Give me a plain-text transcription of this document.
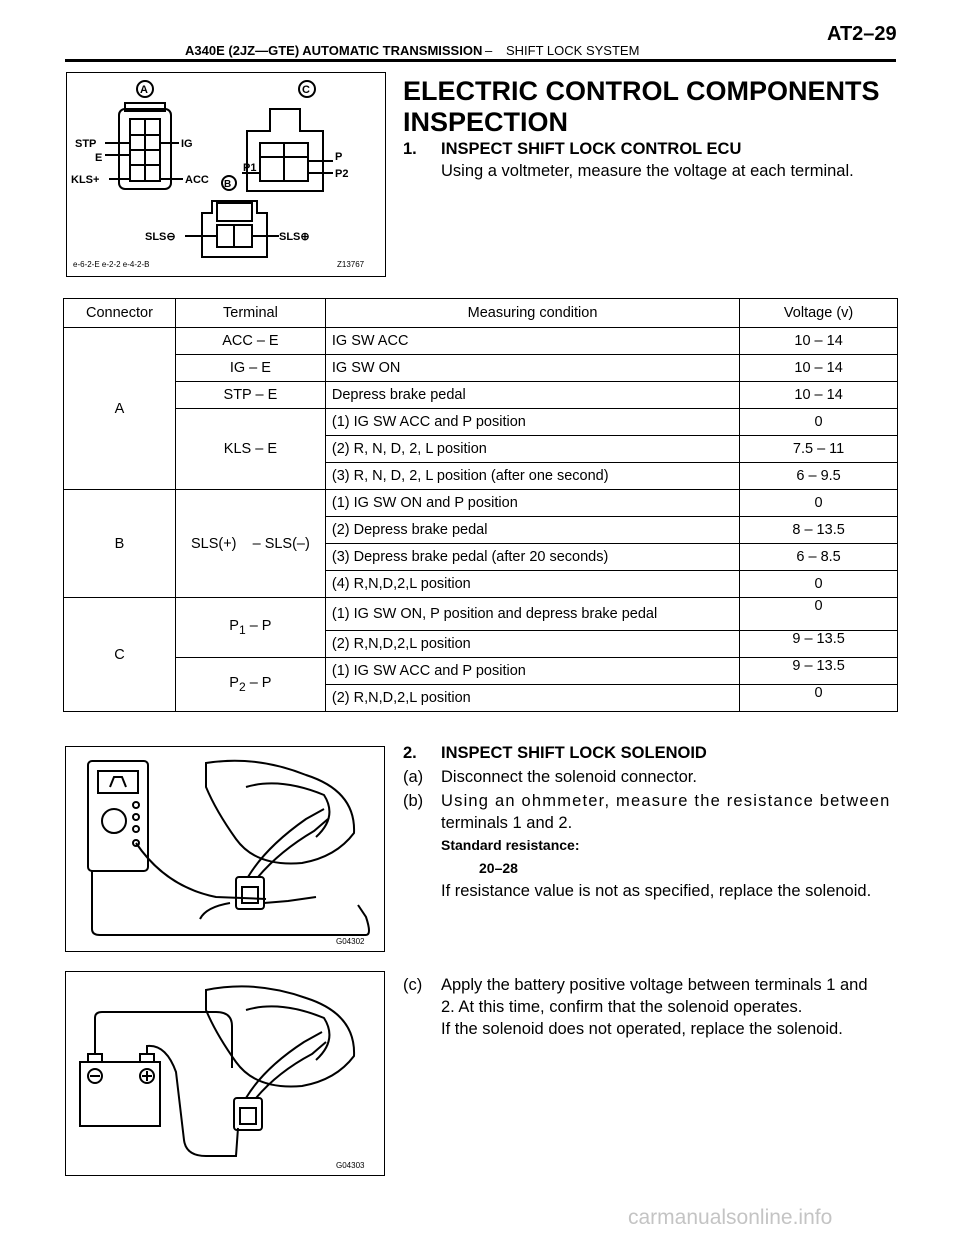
A340E (2JZ—GTE) AUTOMATIC TRANSMISSION – SHIFT LOCK SYSTEM
AT2–29
A	C
B
STP
E
KLS+
IG
ACC
P1
P
P2
SLS⊖	SLS⊕
e-6-2-E e-2-2 e-4-2-B	Z13767
ELECTRIC CONTROL COMPONENTS
INSPECTION
1. INSPECT SHIFT LOCK CONTROL ECU
Using a voltmeter, measure the voltage at each terminal.
Connector	Terminal	Measuring condition	Voltage (v)
A	ACC – E	IG SW ACC	10 – 14
	IG – E	IG SW ON	10 – 14
	STP – E	Depress brake pedal	10 – 14
	KLS – E	(1) IG SW ACC and P position	0
		(2) R, N, D, 2, L position	7.5 – 11
		(3) R, N, D, 2, L position (after one second)	6 – 9.5
B	SLS(+)    – SLS(–)	(1) IG SW ON and P position	0
		(2) Depress brake pedal	8 – 13.5
		(3) Depress brake pedal (after 20 seconds)	6 – 8.5
		(4) R,N,D,2,L position	0
C	$P_1$ – P	(1) IG SW ON, P position and depress brake pedal	0
		(2) R,N,D,2,L position	9 – 13.5
	$P_2$ – P	(1) IG SW ACC and P position	9 – 13.5
		(2) R,N,D,2,L position	0
G04302
2. INSPECT SHIFT LOCK SOLENOID
(a) Disconnect the solenoid connector.
(b) Using an ohmmeter, measure the resistance between
terminals 1 and 2.
Standard resistance:
20–28
If resistance value is not as specified, replace the solenoid.
G04303
(c) Apply the battery positive voltage between terminals 1 and
2. At this time, confirm that the solenoid operates.
If the solenoid does not operated, replace the solenoid.
carmanualsonline.info
